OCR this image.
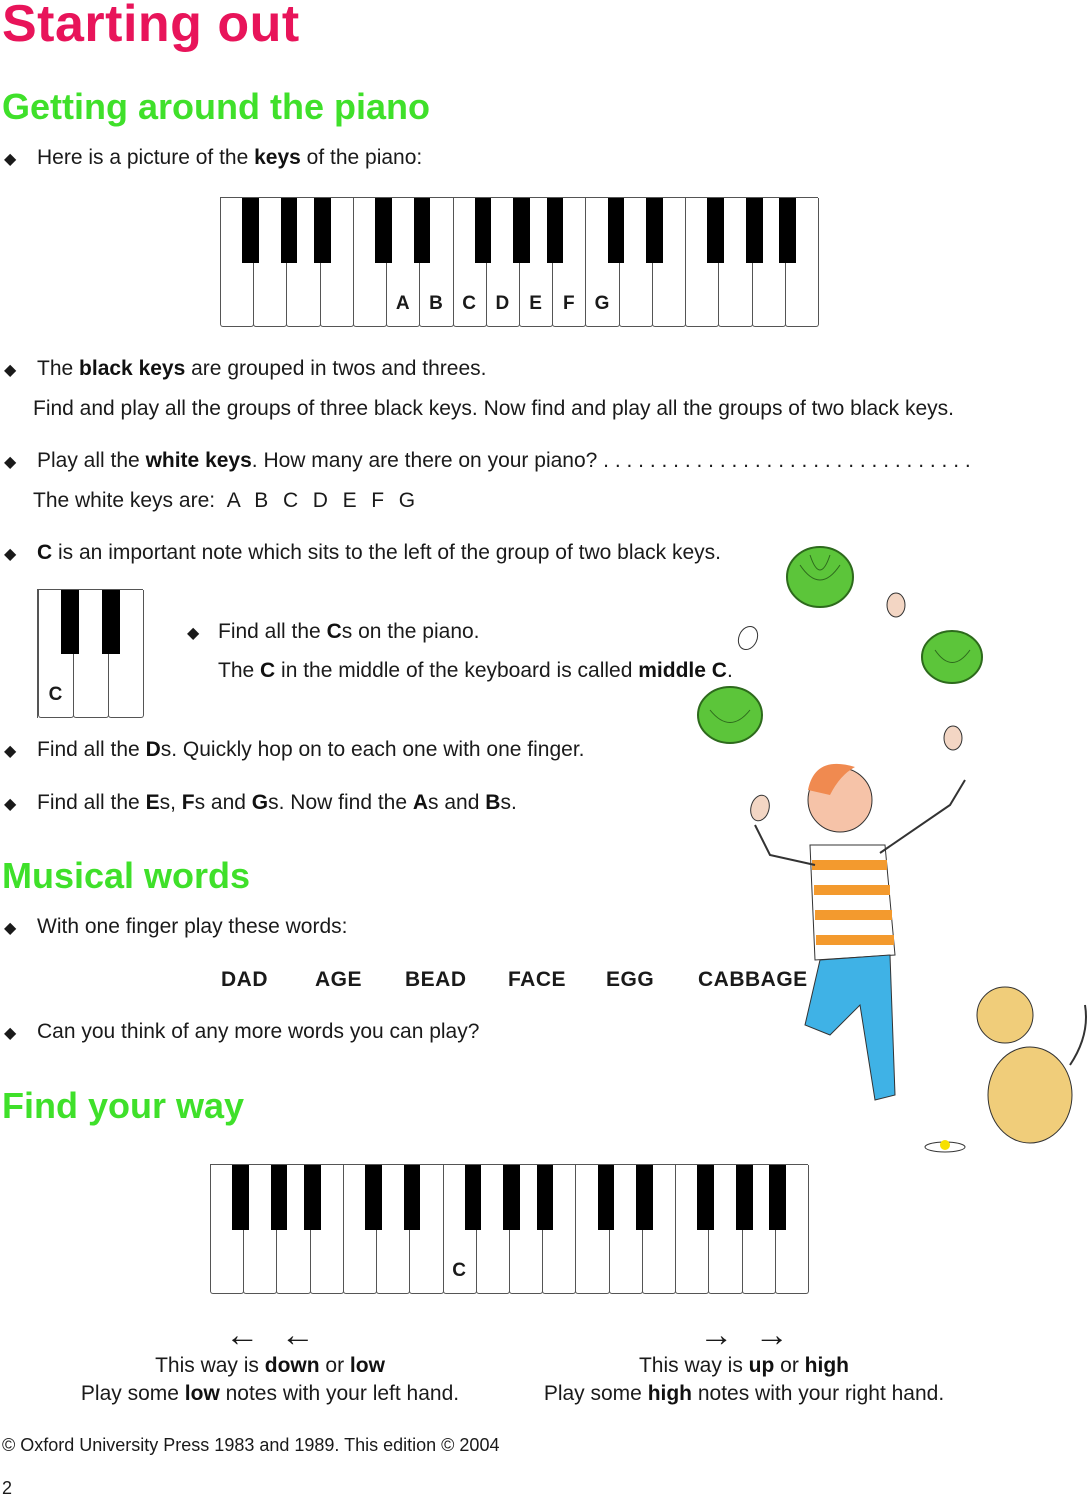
Starting out
Getting around the piano
◆ Here is a picture of the keys of the piano:
A	B	C	D	E	F	G
◆ The black keys are grouped in twos and threes.
Find and play all the groups of three black keys. Now find and play all the groups of two black keys.
◆ Play all the white keys. How many are there on your piano? . . . . . . . . . . . . . . . . . . . . . . . . . . . . . . . .
The white keys are: A  B  C  D  E  F  G
◆ C is an important note which sits to the left of the group of two black keys.
C
◆ Find all the Cs on the piano.
The C in the middle of the keyboard is called middle C.
◆ Find all the Ds. Quickly hop on to each one with one finger.
◆ Find all the Es, Fs and Gs. Now find the As and Bs.
Musical words
◆ With one finger play these words:
DAD AGE BEAD FACE EGG CABBAGE
◆ Can you think of any more words you can play?
Find your way
C
← ←
This way is down or low
Play some low notes with your left hand.
→ →
This way is up or high
Play some high notes with your right hand.
© Oxford University Press 1983 and 1989. This edition © 2004
2
